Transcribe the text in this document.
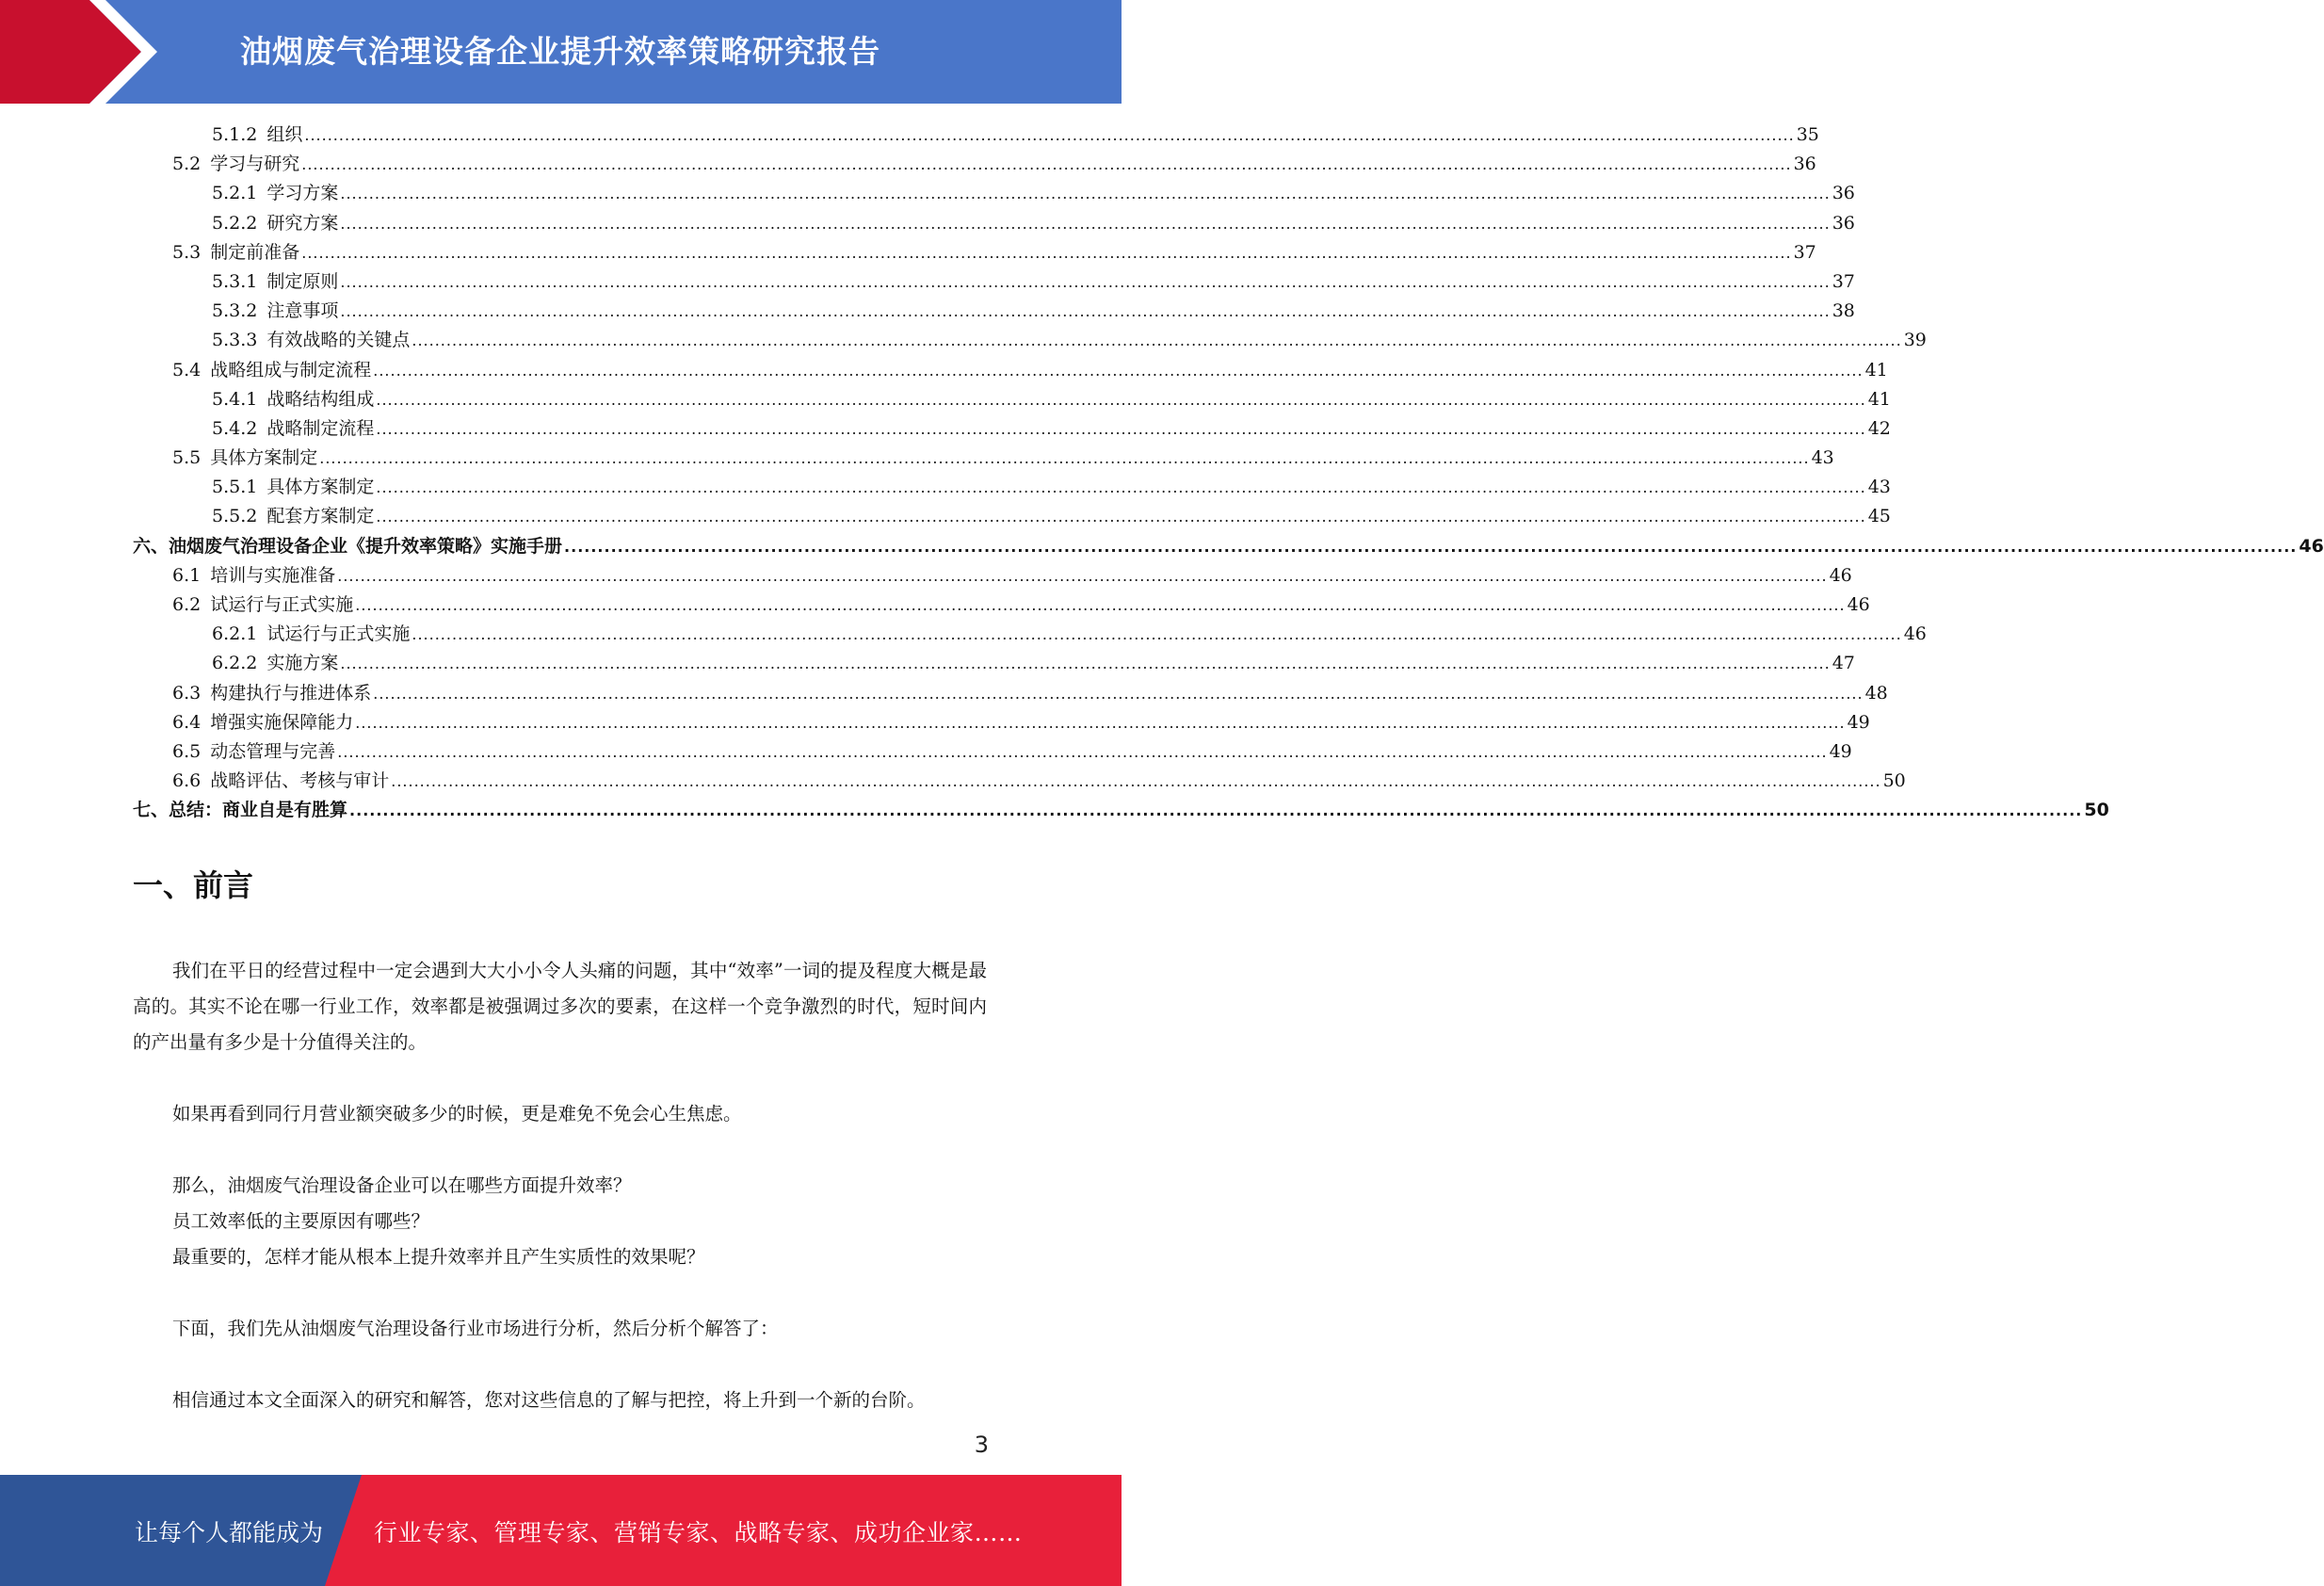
油烟废气治理设备企业提升效率策略研究报告
5.1.2 组织 .................................................................................................................................................................................................................................................................... 35
5.2 学习与研究 .................................................................................................................................................................................................................................................................... 36
5.2.1 学习方案 .................................................................................................................................................................................................................................................................... 36
5.2.2 研究方案 .................................................................................................................................................................................................................................................................... 36
5.3 制定前准备 .................................................................................................................................................................................................................................................................... 37
5.3.1 制定原则 .................................................................................................................................................................................................................................................................... 37
5.3.2 注意事项 .................................................................................................................................................................................................................................................................... 38
5.3.3 有效战略的关键点 .................................................................................................................................................................................................................................................................... 39
5.4 战略组成与制定流程 .................................................................................................................................................................................................................................................................... 41
5.4.1 战略结构组成 .................................................................................................................................................................................................................................................................... 41
5.4.2 战略制定流程 .................................................................................................................................................................................................................................................................... 42
5.5 具体方案制定 .................................................................................................................................................................................................................................................................... 43
5.5.1 具体方案制定 .................................................................................................................................................................................................................................................................... 43
5.5.2 配套方案制定 .................................................................................................................................................................................................................................................................... 45
六、 油烟废气治理设备企业《提升效率策略》实施手册 .................................................................................................................................................................................................................................................................... 46
6.1 培训与实施准备 .................................................................................................................................................................................................................................................................... 46
6.2 试运行与正式实施 .................................................................................................................................................................................................................................................................... 46
6.2.1 试运行与正式实施 .................................................................................................................................................................................................................................................................... 46
6.2.2 实施方案 .................................................................................................................................................................................................................................................................... 47
6.3 构建执行与推进体系 .................................................................................................................................................................................................................................................................... 48
6.4 增强实施保障能力 .................................................................................................................................................................................................................................................................... 49
6.5 动态管理与完善 .................................................................................................................................................................................................................................................................... 49
6.6 战略评估、考核与审计 .................................................................................................................................................................................................................................................................... 50
七、 总结：商业自是有胜算 .................................................................................................................................................................................................................................................................... 50
一、前言

我们在平日的经营过程中一定会遇到大大小小令人头痛的问题，其中“效率”一词的提及程度大概是最高的。其实不论在哪一行业工作，效率都是被强调过多次的要素，在这样一个竞争激烈的时代，短时间内的产出量有多少是十分值得关注的。

如果再看到同行月营业额突破多少的时候，更是难免不免会心生焦虑。

那么，油烟废气治理设备企业可以在哪些方面提升效率？

员工效率低的主要原因有哪些？

最重要的，怎样才能从根本上提升效率并且产生实质性的效果呢？

下面，我们先从油烟废气治理设备行业市场进行分析，然后分析个解答了：

相信通过本文全面深入的研究和解答，您对这些信息的了解与把控，将上升到一个新的台阶。

3
让每个人都能成为 行业专家、管理专家、营销专家、战略专家、成功企业家……
